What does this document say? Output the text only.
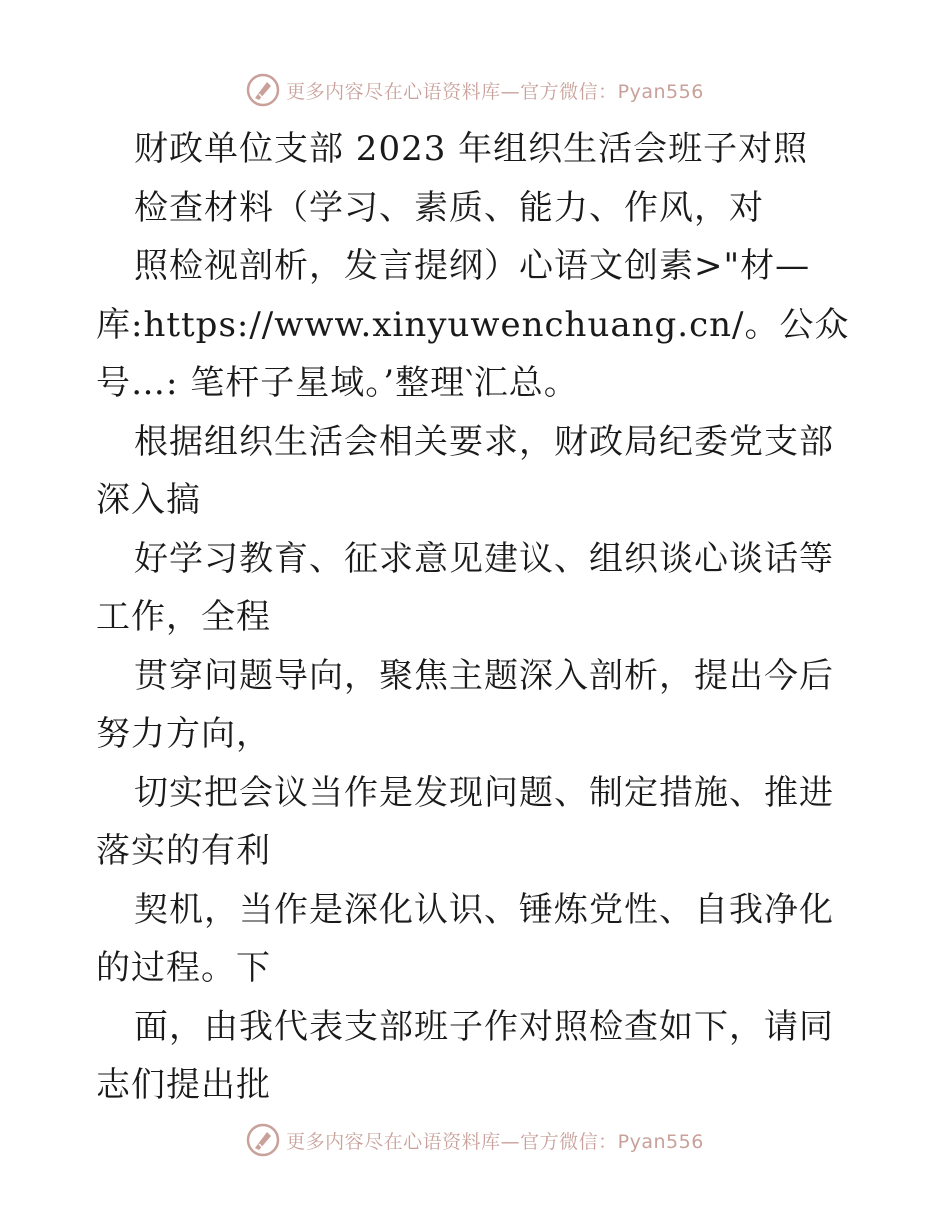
更多内容尽在心语资料库—官方微信：Pyan556

财政单位支部 2023 年组织生活会班子对照

检查材料（学习、素质、能力、作风，对

照检视剖析，发言提纲）心语文创素>"材—库:https://www.xinyuwenchuang.cn/。公众号…: 笔杆子星域。’整理‵汇总。

根据组织生活会相关要求，财政局纪委党支部深入搞

好学习教育、征求意见建议、组织谈心谈话等工作，全程

贯穿问题导向，聚焦主题深入剖析，提出今后努力方向，

切实把会议当作是发现问题、制定措施、推进落实的有利

契机，当作是深化认识、锤炼党性、自我净化的过程。下

面，由我代表支部班子作对照检查如下，请同志们提出批

更多内容尽在心语资料库—官方微信：Pyan556
